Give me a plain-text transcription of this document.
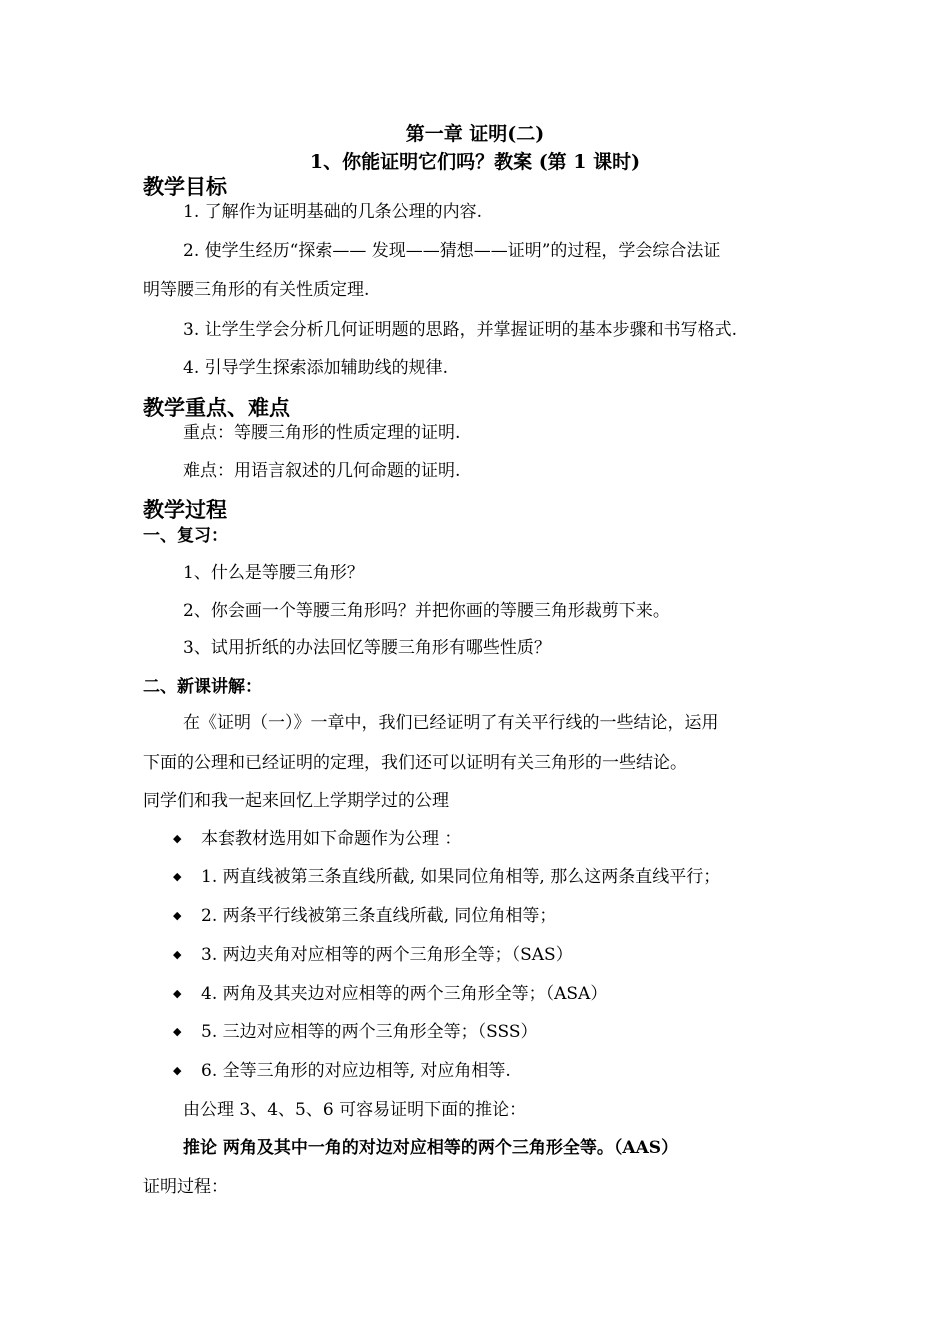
第一章 证明(二)
1、你能证明它们吗？教案 (第 1 课时)
教学目标
1. 了解作为证明基础的几条公理的内容.
2. 使学生经历“探索—— 发现——猜想——证明”的过程，学会综合法证
明等腰三角形的有关性质定理.
3. 让学生学会分析几何证明题的思路，并掌握证明的基本步骤和书写格式.
4. 引导学生探索添加辅助线的规律.
教学重点、难点
重点：等腰三角形的性质定理的证明.
难点：用语言叙述的几何命题的证明.
教学过程
一、复习：
1、什么是等腰三角形？
2、你会画一个等腰三角形吗？并把你画的等腰三角形裁剪下来。
3、试用折纸的办法回忆等腰三角形有哪些性质？
二、新课讲解：
在《证明（一）》一章中，我们已经证明了有关平行线的一些结论，运用
下面的公理和已经证明的定理，我们还可以证明有关三角形的一些结论。
同学们和我一起来回忆上学期学过的公理
◆ 本套教材选用如下命题作为公理 ：
◆ 1. 两直线被第三条直线所截, 如果同位角相等, 那么这两条直线平行；
◆ 2. 两条平行线被第三条直线所截, 同位角相等；
◆ 3. 两边夹角对应相等的两个三角形全等；（SAS）
◆ 4. 两角及其夹边对应相等的两个三角形全等；（ASA）
◆ 5. 三边对应相等的两个三角形全等；（SSS）
◆ 6. 全等三角形的对应边相等, 对应角相等.
由公理 3、4、5、6 可容易证明下面的推论：
推论 两角及其中一角的对边对应相等的两个三角形全等。（AAS）
证明过程：
